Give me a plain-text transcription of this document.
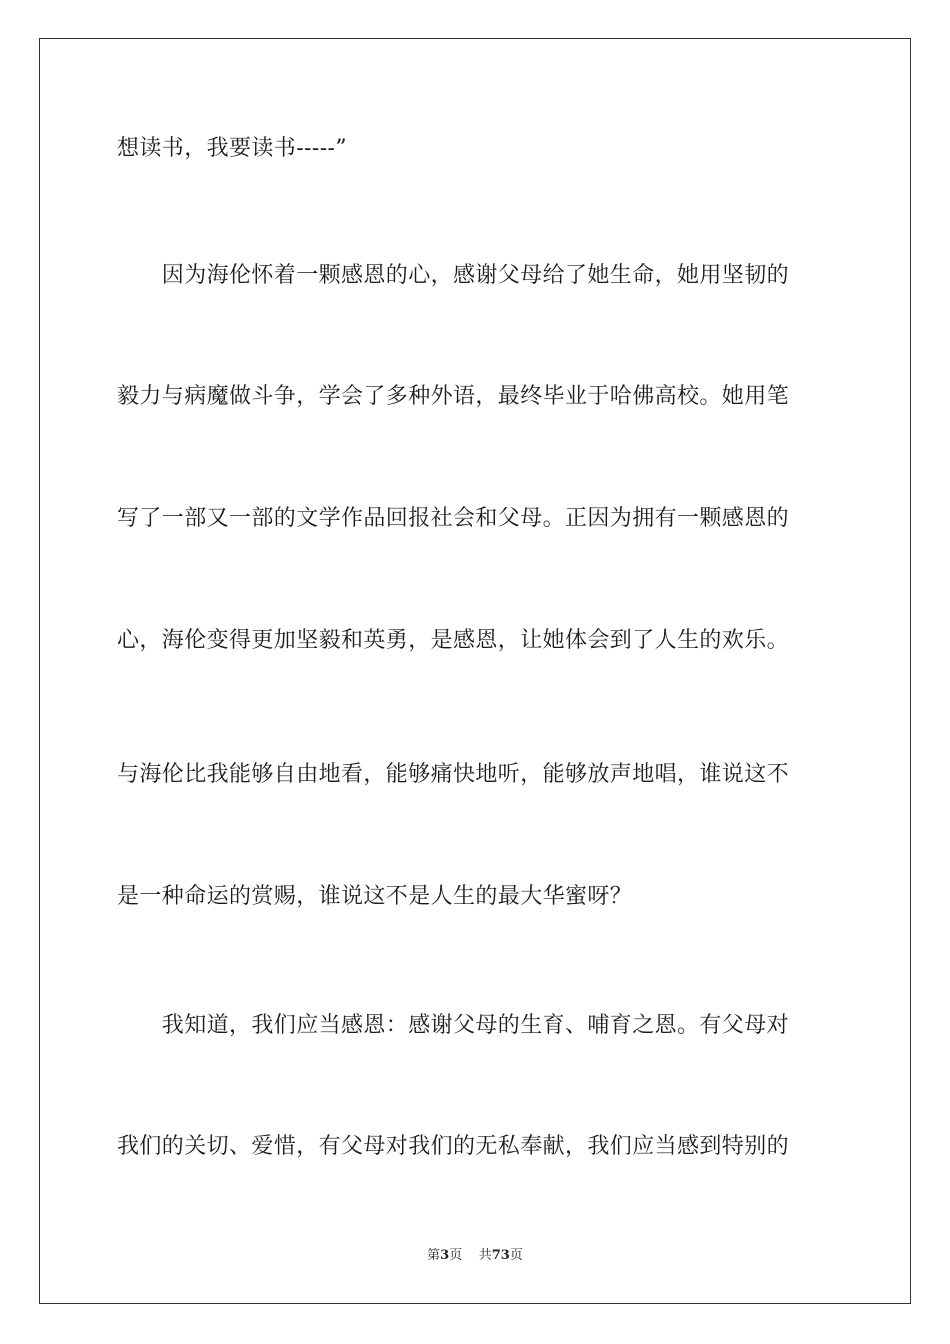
想读书，我要读书-----”
　　因为海伦怀着一颗感恩的心，感谢父母给了她生命，她用坚韧的
毅力与病魔做斗争，学会了多种外语，最终毕业于哈佛高校。她用笔
写了一部又一部的文学作品回报社会和父母。正因为拥有一颗感恩的
心，海伦变得更加坚毅和英勇，是感恩，让她体会到了人生的欢乐。
与海伦比我能够自由地看，能够痛快地听，能够放声地唱，谁说这不
是一种命运的赏赐，谁说这不是人生的最大华蜜呀？
　　我知道，我们应当感恩：感谢父母的生育、哺育之恩。有父母对
我们的关切、爱惜，有父母对我们的无私奉献，我们应当感到特别的
第3页 共73页
